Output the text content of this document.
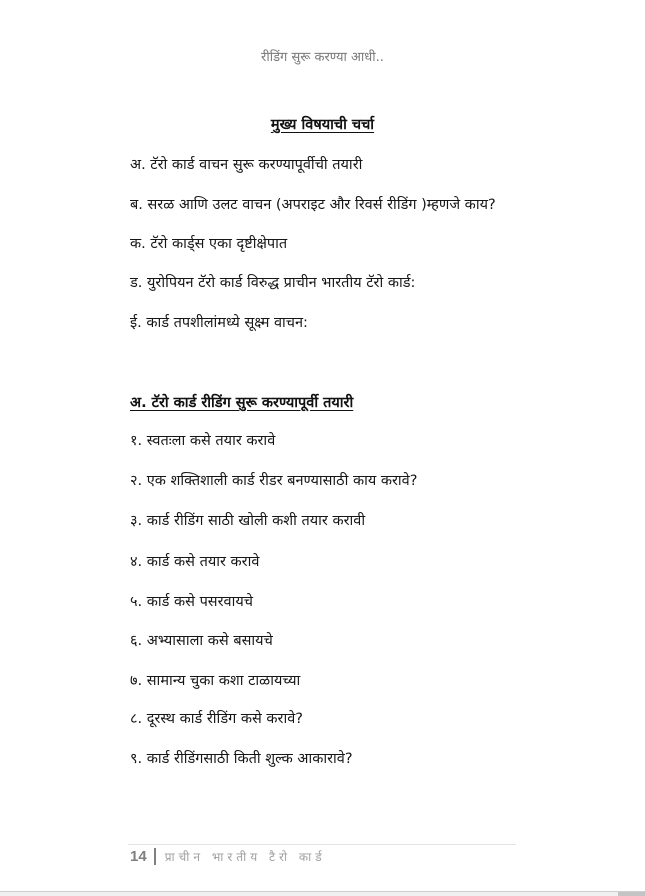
रीडिंग सुरू करण्या आधी..
मुख्य विषयाची चर्चा
अ. टॅरो कार्ड वाचन सुरू करण्यापूर्वीची तयारी
ब. सरळ आणि उलट वाचन (अपराइट और रिवर्स रीडिंग )म्हणजे काय?
क. टॅरो कार्ड्स एका दृष्टीक्षेपात
ड. युरोपियन टॅरो कार्ड विरुद्ध प्राचीन भारतीय टॅरो कार्ड:
ई. कार्ड तपशीलांमध्ये सूक्ष्म वाचन:
अ. टॅरो कार्ड रीडिंग सुरू करण्यापूर्वी तयारी
१. स्वतःला कसे तयार करावे
२. एक शक्तिशाली कार्ड रीडर बनण्यासाठी काय करावे?
३. कार्ड रीडिंग साठी खोली कशी तयार करावी
४. कार्ड कसे तयार करावे
५. कार्ड कसे पसरवायचे
६. अभ्यासाला कसे बसायचे
७. सामान्य चुका कशा टाळायच्या
८. दूरस्थ कार्ड रीडिंग कसे करावे?
९. कार्ड रीडिंगसाठी किती शुल्क आकारावे?
14 प्राचीन भारतीय टैरो कार्ड
